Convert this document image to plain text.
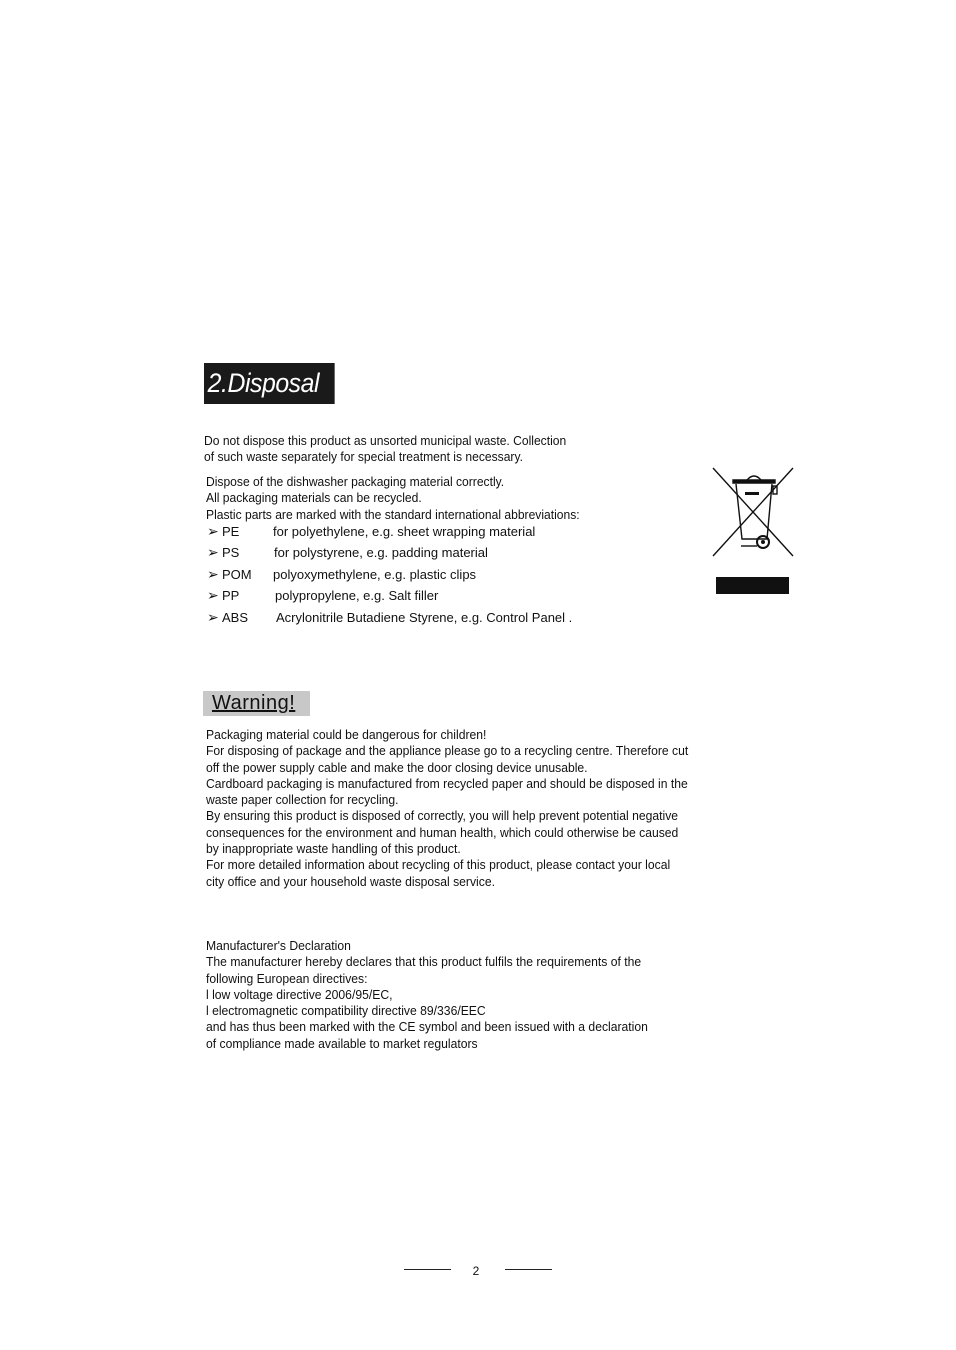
2.Disposal
Do not dispose this product as unsorted municipal waste. Collection
of such waste separately for special treatment is necessary.
Dispose of the dishwasher packaging material correctly.
All packaging materials can be recycled.
Plastic parts are marked with the standard international abbreviations:
➢ PE	for polyethylene, e.g. sheet wrapping material
➢ PS	for polystyrene, e.g. padding material
➢ POM polyoxymethylene, e.g. plastic clips
➢ PP	polypropylene, e.g. Salt filler
➢ ABS Acrylonitrile Butadiene Styrene, e.g. Control Panel .
Warning!
Packaging material could be dangerous for children!
For disposing of package and the appliance please go to a recycling centre. Therefore cut
off the power supply cable and make the door closing device unusable.
Cardboard packaging is manufactured from recycled paper and should be disposed in the
waste paper collection for recycling.
By ensuring this product is disposed of correctly, you will help prevent potential negative
consequences for the environment and human health, which could otherwise be caused
by inappropriate waste handling of this product.
For more detailed information about recycling of this product, please contact your local
city office and your household waste disposal service.
Manufacturer's Declaration
The manufacturer hereby declares that this product fulfils the requirements of the
following European directives:
l low voltage directive 2006/95/EC,
l electromagnetic compatibility directive 89/336/EEC
and has thus been marked with the CE symbol and been issued with a declaration
of compliance made available to market regulators
2
